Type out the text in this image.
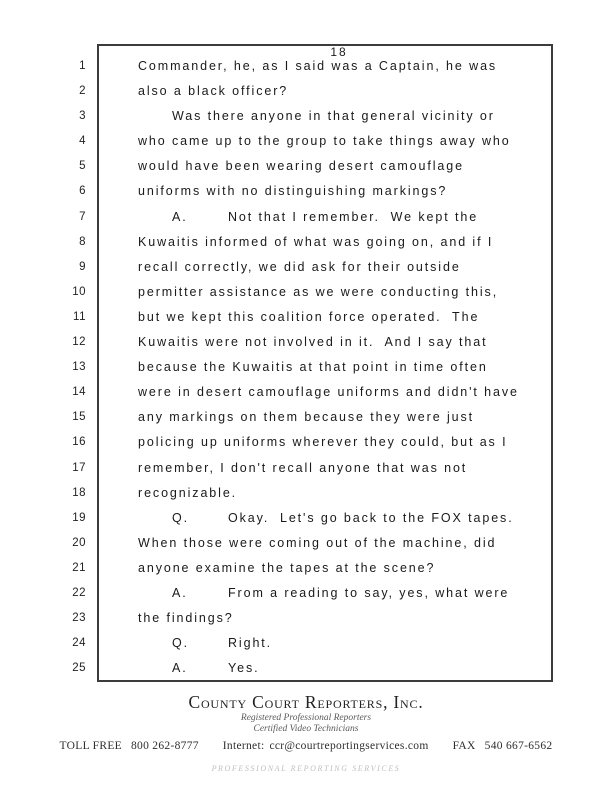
18
1	Commander, he, as I said was a Captain, he was
2	also a black officer?
3	Was there anyone in that general vicinity or
4	who came up to the group to take things away who
5	would have been wearing desert camouflage
6	uniforms with no distinguishing markings?
7	A.	Not that I remember.  We kept the
8	Kuwaitis informed of what was going on, and if I
9	recall correctly, we did ask for their outside
10	permitter assistance as we were conducting this,
11	but we kept this coalition force operated.  The
12	Kuwaitis were not involved in it.  And I say that
13	because the Kuwaitis at that point in time often
14	were in desert camouflage uniforms and didn't have
15	any markings on them because they were just
16	policing up uniforms wherever they could, but as I
17	remember, I don't recall anyone that was not
18	recognizable.
19	Q.	Okay.  Let's go back to the FOX tapes.
20	When those were coming out of the machine, did
21	anyone examine the tapes at the scene?
22	A.	From a reading to say, yes, what were
23	the findings?
24	Q.	Right.
25	A.	Yes.
County Court Reporters, Inc.
Registered Professional Reporters
Certified Video Technicians
TOLL FREE 800 262-8777 Internet: ccr@courtreportingservices.com FAX 540 667-6562
PROFESSIONAL REPORTING SERVICES
